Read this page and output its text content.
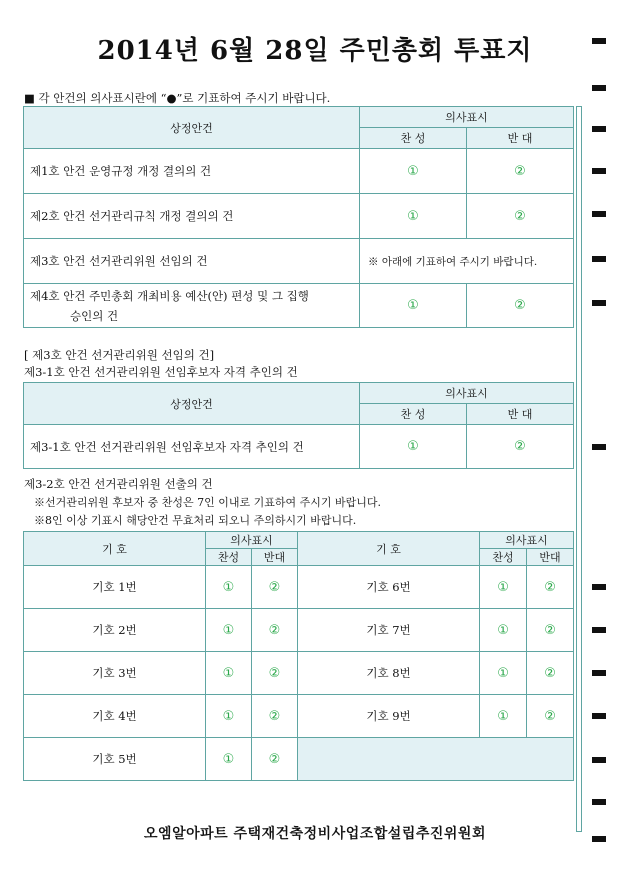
2014년 6월 28일 주민총회 투표지
■ 각 안건의 의사표시란에 “●”로 기표하여 주시기 바랍니다.
상정안건	의사표시	
	찬 성	반 대
제1호 안건 운영규정 개정 결의의 건	①	②
제2호 안건 선거관리규칙 개정 결의의 건	①	②
제3호 안건 선거관리위원 선임의 건	※ 아래에 기표하여 주시기 바랍니다.	

제4호 안건 주민총회 개최비용 예산(안) 편성 및 그 집행
승인의 건	①	②
[ 제3호 안건 선거관리위원 선임의 건]
제3-1호 안건 선거관리위원 선임후보자 자격 추인의 건
상정안건	의사표시	
	찬 성	반 대
제3-1호 안건 선거관리위원 선임후보자 자격 추인의 건	①	②
제3-2호 안건 선거관리위원 선출의 건
※선거관리위원 후보자 중 찬성은 7인 이내로 기표하여 주시기 바랍니다.
※8인 이상 기표시 해당안건 무효처리 되오니 주의하시기 바랍니다.
기 호	의사표시		기 호	의사표시	
	찬성	반대		찬성	반대
기호 1번	①	②	기호 6번	①	②
기호 2번	①	②	기호 7번	①	②
기호 3번	①	②	기호 8번	①	②
기호 4번	①	②	기호 9번	①	②
기호 5번	①	②			
오엠알아파트 주택재건축정비사업조합설립추진위원회
